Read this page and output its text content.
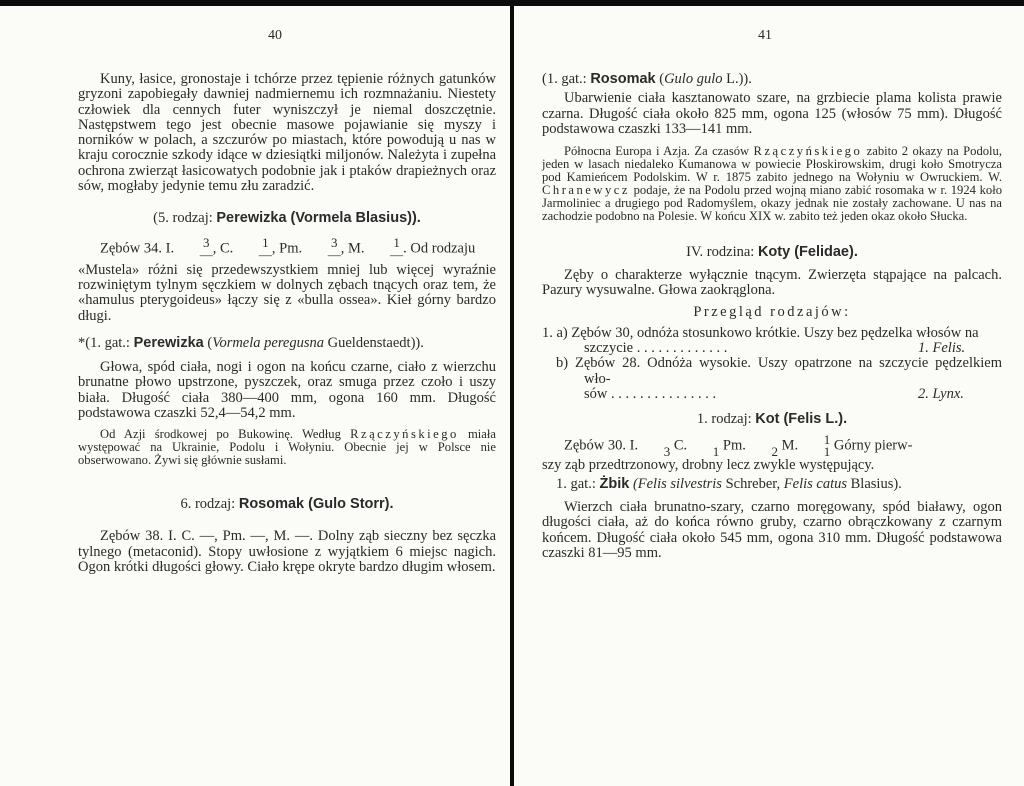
40

Kuny, łasice, gronostaje i tchórze przez tępienie różnych gatunków gryzoni zapobiegały dawniej nadmiernemu ich rozmnażaniu. Niestety człowiek dla cennych futer wyniszczył je niemal doszczętnie. Następstwem tego jest obecnie masowe pojawianie się myszy i norników w polach, a szczurów po miastach, które powodują u nas w kraju corocznie szkody idące w dziesiątki miljonów. Należyta i zupełna ochrona zwierząt łasicowatych podobnie jak i ptaków drapieżnych oraz sów, mogłaby jedynie temu złu zaradzić.

(5. rodzaj: Perewizka (Vormela Blasius)).

Zębów 34. I.	3
— , C.	1
— , Pm.	3
— , M.	1
— . Od rodzaju

«Mustela» różni się przedewszystkiem mniej lub więcej wyraźnie rozwiniętym tylnym sęczkiem w dolnych zębach tnących oraz tem, że «hamulus pterygoideus» łączy się z «bulla ossea». Kieł górny bardzo długi.

*(1. gat.: Perewizka (Vormela peregusna Gueldenstaedt)).

Głowa, spód ciała, nogi i ogon na końcu czarne, ciało z wierzchu brunatne płowo upstrzone, pyszczek, oraz smuga przez czoło i uszy biała. Długość ciała 380—400 mm, ogona 160 mm. Długość podstawowa czaszki 52,4—54,2 mm.

Od Azji środkowej po Bukowinę. Według Rzączyńskiego miała występować na Ukrainie, Podolu i Wołyniu. Obecnie jej w Polsce nie obserwowano. Żywi się głównie susłami.

6. rodzaj: Rosomak (Gulo Storr).

Zębów 38. I. C. —, Pm. —, M. —. Dolny ząb sieczny bez sęczka tylnego (metaconid). Stopy uwłosione z wyjątkiem 6 miejsc nagich. Ogon krótki długości głowy. Ciało krępe okryte bardzo długim włosem.

41

(1. gat.: Rosomak (Gulo gulo L.)).

Ubarwienie ciała kasztanowato szare, na grzbiecie plama kolista prawie czarna. Długość ciała około 825 mm, ogona 125 (włosów 75 mm). Długość podstawowa czaszki 133—141 mm.

Północna Europa i Azja. Za czasów Rzączyńskiego zabito 2 okazy na Podolu, jeden w lasach niedaleko Kumanowa w powiecie Płoskirowskim, drugi koło Smotrycza pod Kamieńcem Podolskim. W r. 1875 zabito jednego na Wołyniu w Owruckiem. W. Chranewycz podaje, że na Podolu przed wojną miano zabić rosomaka w r. 1924 koło Jarmoliniec a drugiego pod Radomyślem, okazy jednak nie zostały zachowane. U nas na zachodzie podobno na Polesie. W końcu XIX w. zabito też jeden okaz około Słucka.

IV. rodzina: Koty (Felidae).

Zęby o charakterze wyłącznie tnącym. Zwierzęta stąpające na palcach. Pazury wysuwalne. Głowa zaokrąglona.

Przegląd rodzajów:

1. a) Zębów 30, odnóża stosunkowo krótkie. Uszy bez pędzelka włosów na

szczycie . . . . . . . . . . . . .	1. Felis.

b) Zębów 28. Odnóża wysokie. Uszy opatrzone na szczycie pędzelkiem wło-

sów . . . . . . . . . . . . . . .	2. Lynx.

1. rodzaj: Kot (Felis L.).

Zębów 30. I.
	3 C.
	1 Pm.
	2 M.	1
1 Górny pierw-

szy ząb przedtrzonowy, drobny lecz zwykle występujący.

1. gat.: Żbik (Felis silvestris Schreber, Felis catus Blasius).

Wierzch ciała brunatno-szary, czarno moręgowany, spód białawy, ogon długości ciała, aż do końca równo gruby, czarno obrączkowany z czarnym końcem. Długość ciała około 545 mm, ogona 310 mm. Długość podstawowa czaszki 81—95 mm.
